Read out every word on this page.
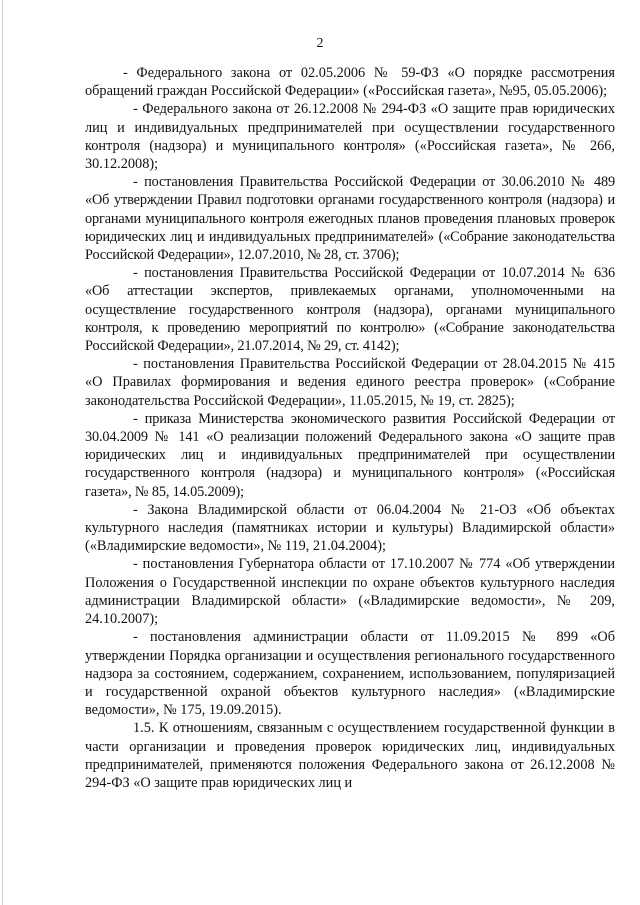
2

- Федерального закона от 02.05.2006 № 59-ФЗ «О порядке рассмотрения обращений граждан Российской Федерации» («Российская газета», №95, 05.05.2006);

- Федерального закона от 26.12.2008 № 294-ФЗ «О защите прав юридических лиц и индивидуальных предпринимателей при осуществлении государственного контроля (надзора) и муниципального контроля» («Российская газета», № 266, 30.12.2008);

- постановления Правительства Российской Федерации от 30.06.2010 № 489 «Об утверждении Правил подготовки органами государственного контроля (надзора) и органами муниципального контроля ежегодных планов проведения плановых проверок юридических лиц и индивидуальных предпринимателей» («Собрание законодательства Российской Федерации», 12.07.2010, № 28, ст. 3706);

- постановления Правительства Российской Федерации от 10.07.2014 № 636 «Об аттестации экспертов, привлекаемых органами, уполномоченными на осуществление государственного контроля (надзора), органами муниципального контроля, к проведению мероприятий по контролю» («Собрание законодательства Российской Федерации», 21.07.2014, № 29, ст. 4142);

- постановления Правительства Российской Федерации от 28.04.2015 № 415 «О Правилах формирования и ведения единого реестра проверок» («Собрание законодательства Российской Федерации», 11.05.2015, № 19, ст. 2825);

- приказа Министерства экономического развития Российской Федерации от 30.04.2009 № 141 «О реализации положений Федерального закона «О защите прав юридических лиц и индивидуальных предпринимателей при осуществлении государственного контроля (надзора) и муниципального контроля» («Российская газета», № 85, 14.05.2009);

- Закона Владимирской области от 06.04.2004 № 21-ОЗ «Об объектах культурного наследия (памятниках истории и культуры) Владимирской области» («Владимирские ведомости», № 119, 21.04.2004);

- постановления Губернатора области от 17.10.2007 № 774 «Об утверждении Положения о Государственной инспекции по охране объектов культурного наследия администрации Владимирской области» («Владимирские ведомости», № 209, 24.10.2007);

- постановления администрации области от 11.09.2015 № 899 «Об утверждении Порядка организации и осуществления регионального государственного надзора за состоянием, содержанием, сохранением, использованием, популяризацией и государственной охраной объектов культурного наследия» («Владимирские ведомости», № 175, 19.09.2015).

1.5. К отношениям, связанным с осуществлением государственной функции в части организации и проведения проверок юридических лиц, индивидуальных предпринимателей, применяются положения Федерального закона от 26.12.2008 № 294-ФЗ «О защите прав юридических лиц и
